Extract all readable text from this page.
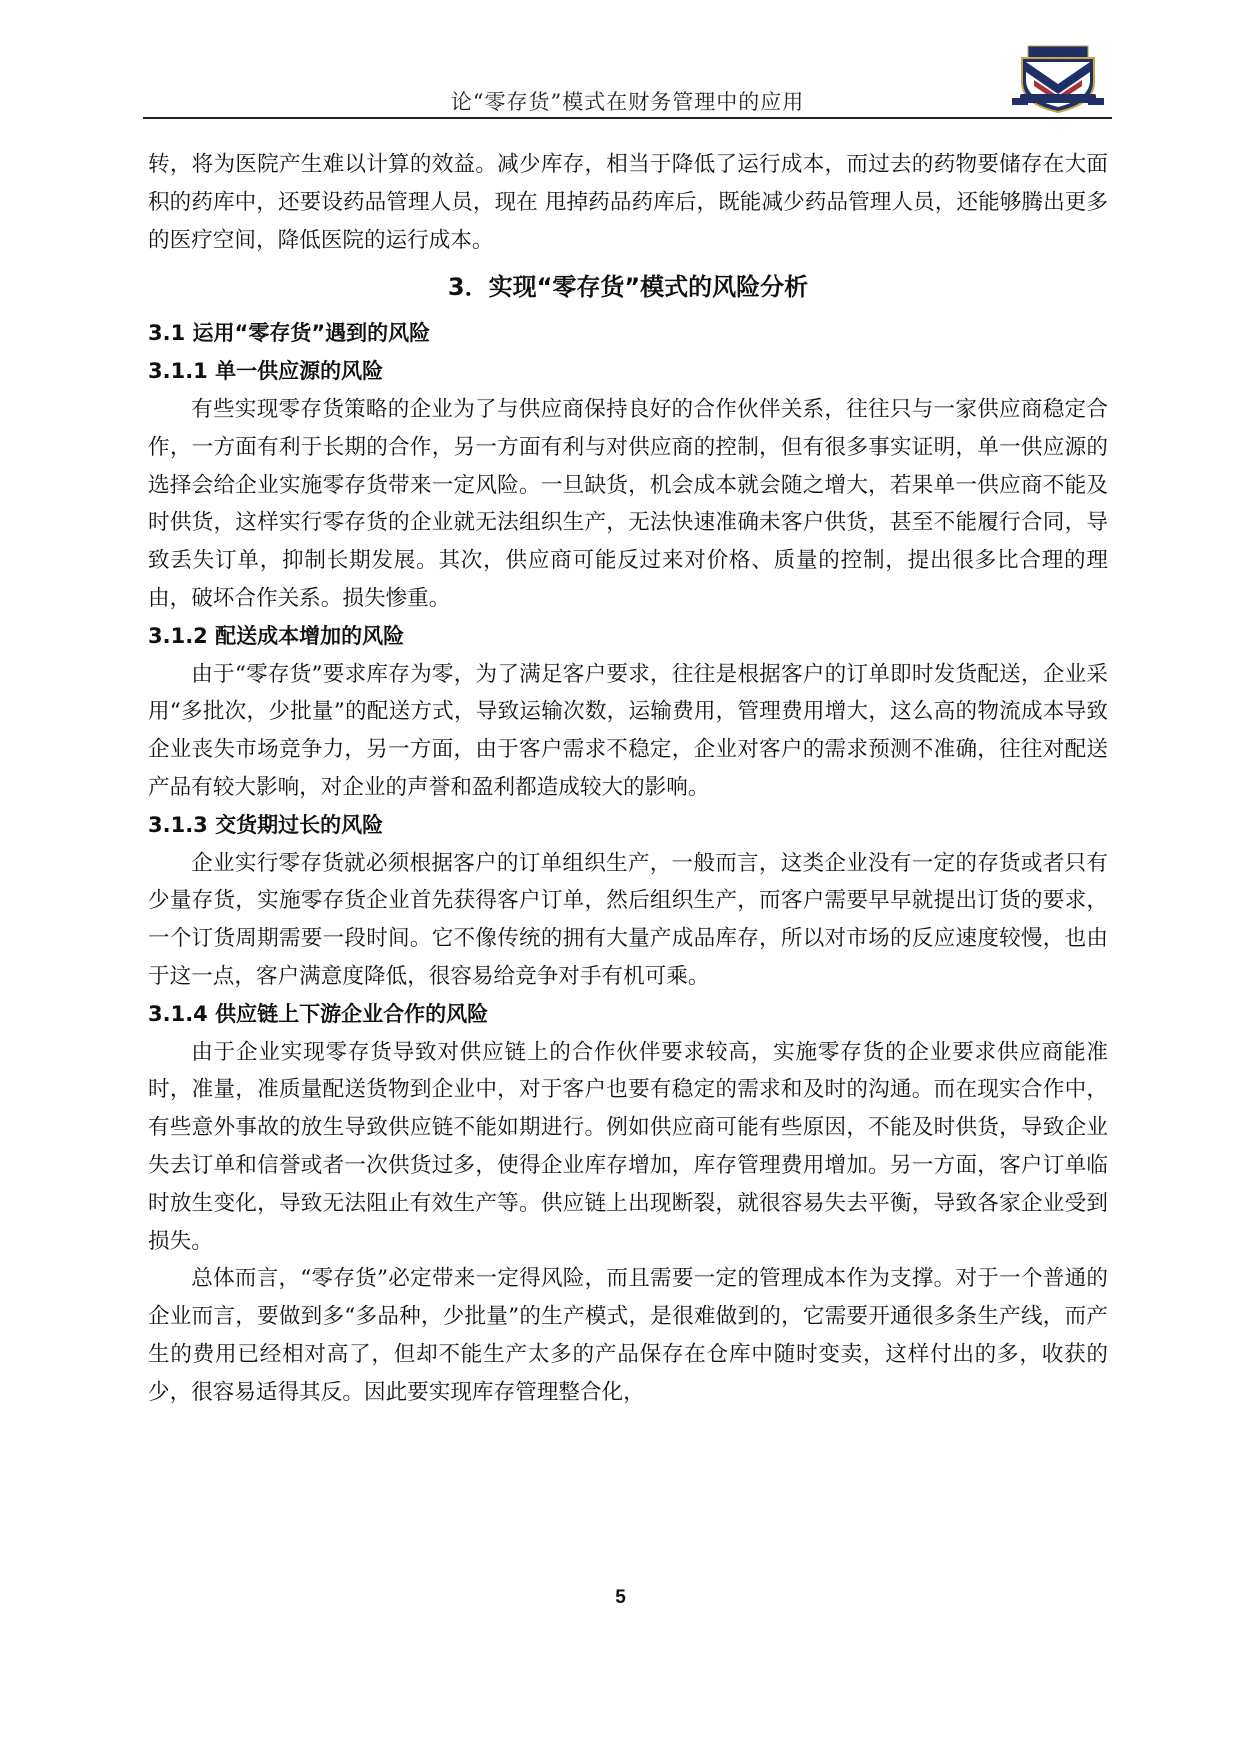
论“零存货”模式在财务管理中的应用

转，将为医院产生难以计算的效益。减少库存，相当于降低了运行成本，而过去的药物要储存在大面积的药库中，还要设药品管理人员，现在 甩掉药品药库后，既能减少药品管理人员，还能够腾出更多的医疗空间，降低医院的运行成本。

3．实现“零存货”模式的风险分析
3.1 运用“零存货”遇到的风险
3.1.1 单一供应源的风险

有些实现零存货策略的企业为了与供应商保持良好的合作伙伴关系，往往只与一家供应商稳定合作，一方面有利于长期的合作，另一方面有利与对供应商的控制，但有很多事实证明，单一供应源的选择会给企业实施零存货带来一定风险。一旦缺货，机会成本就会随之增大，若果单一供应商不能及时供货，这样实行零存货的企业就无法组织生产，无法快速准确未客户供货，甚至不能履行合同，导致丢失订单，抑制长期发展。其次，供应商可能反过来对价格、质量的控制，提出很多比合理的理由，破坏合作关系。损失惨重。

3.1.2 配送成本增加的风险

由于“零存货”要求库存为零，为了满足客户要求，往往是根据客户的订单即时发货配送，企业采用“多批次，少批量”的配送方式，导致运输次数，运输费用，管理费用增大，这么高的物流成本导致企业丧失市场竞争力，另一方面，由于客户需求不稳定，企业对客户的需求预测不准确，往往对配送产品有较大影响，对企业的声誉和盈利都造成较大的影响。

3.1.3 交货期过长的风险

企业实行零存货就必须根据客户的订单组织生产，一般而言，这类企业没有一定的存货或者只有少量存货，实施零存货企业首先获得客户订单，然后组织生产，而客户需要早早就提出订货的要求，一个订货周期需要一段时间。它不像传统的拥有大量产成品库存，所以对市场的反应速度较慢，也由于这一点，客户满意度降低，很容易给竞争对手有机可乘。

3.1.4 供应链上下游企业合作的风险

由于企业实现零存货导致对供应链上的合作伙伴要求较高，实施零存货的企业要求供应商能准时，准量，准质量配送货物到企业中，对于客户也要有稳定的需求和及时的沟通。而在现实合作中，有些意外事故的放生导致供应链不能如期进行。例如供应商可能有些原因，不能及时供货，导致企业失去订单和信誉或者一次供货过多，使得企业库存增加，库存管理费用增加。另一方面，客户订单临时放生变化，导致无法阻止有效生产等。供应链上出现断裂，就很容易失去平衡，导致各家企业受到损失。

总体而言，“零存货”必定带来一定得风险，而且需要一定的管理成本作为支撑。对于一个普通的企业而言，要做到多“多品种，少批量”的生产模式，是很难做到的，它需要开通很多条生产线，而产生的费用已经相对高了，但却不能生产太多的产品保存在仓库中随时变卖，这样付出的多，收获的少，很容易适得其反。因此要实现库存管理整合化，

5
